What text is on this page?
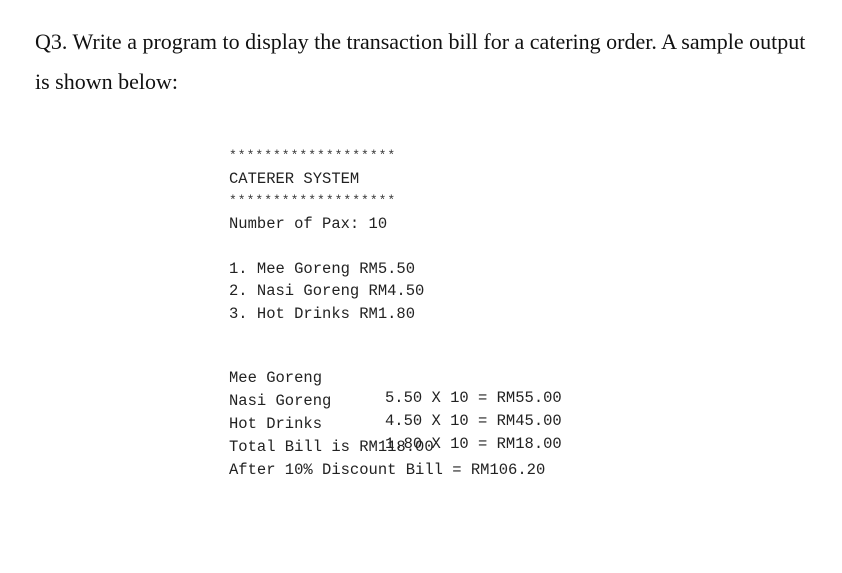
Q3. Write a program to display the transaction bill for a catering order. A sample output is shown below:

*******************

CATERER SYSTEM

*******************

Number of Pax: 10

1. Mee Goreng RM5.50

2. Nasi Goreng RM4.50

3. Hot Drinks RM1.80

Mee Goreng

5.50 X 10 = RM55.00

Nasi Goreng

4.50 X 10 = RM45.00

Hot Drinks

1.80 X 10 = RM18.00

Total Bill is RM118.00

After 10% Discount Bill = RM106.20
